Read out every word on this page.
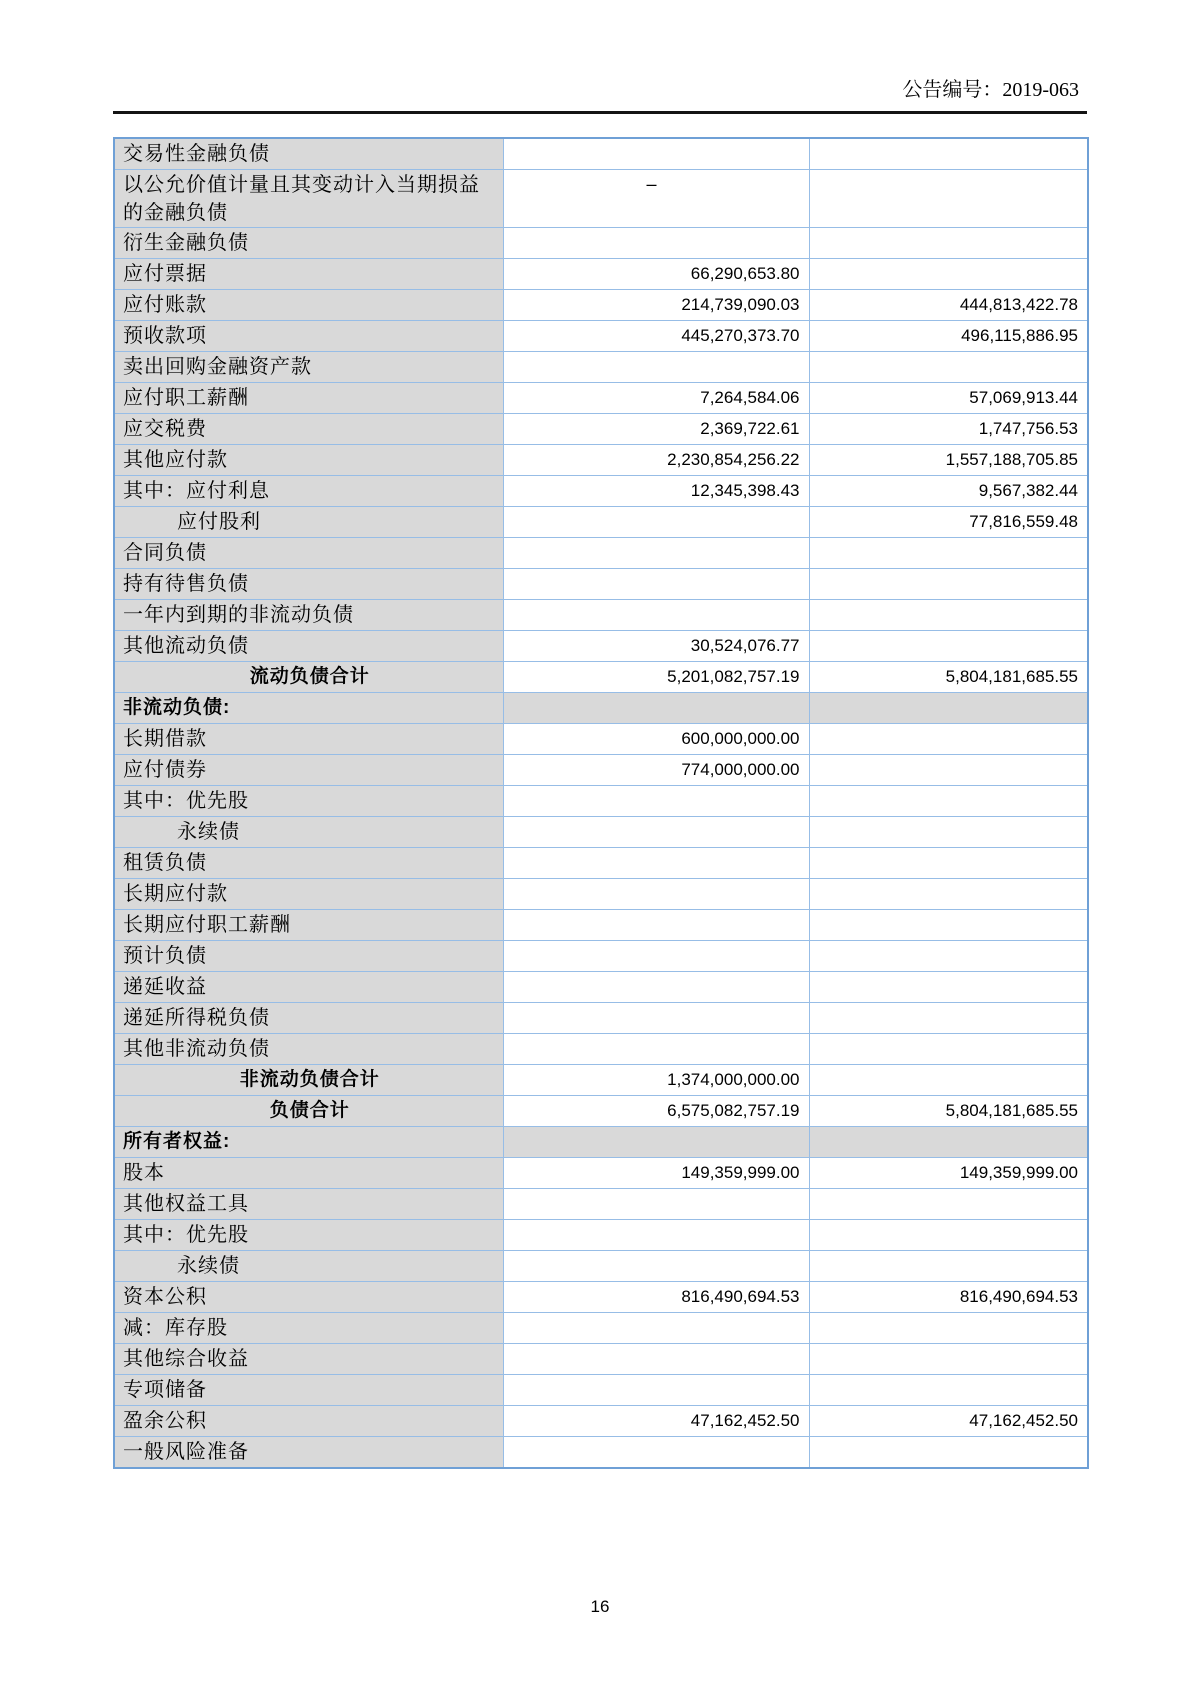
公告编号：2019-063
交易性金融负债		
以公允价值计量且其变动计入当期损益的金融负债	–	
衍生金融负债		
应付票据	66,290,653.80	
应付账款	214,739,090.03	444,813,422.78
预收款项	445,270,373.70	496,115,886.95
卖出回购金融资产款		
应付职工薪酬	7,264,584.06	57,069,913.44
应交税费	2,369,722.61	1,747,756.53
其他应付款	2,230,854,256.22	1,557,188,705.85
其中：应付利息	12,345,398.43	9,567,382.44
应付股利		77,816,559.48
合同负债		
持有待售负债		
一年内到期的非流动负债		
其他流动负债	30,524,076.77	
流动负债合计	5,201,082,757.19	5,804,181,685.55
非流动负债:		
长期借款	600,000,000.00	
应付债券	774,000,000.00	
其中：优先股		
永续债		
租赁负债		
长期应付款		
长期应付职工薪酬		
预计负债		
递延收益		
递延所得税负债		
其他非流动负债		
非流动负债合计	1,374,000,000.00	
负债合计	6,575,082,757.19	5,804,181,685.55
所有者权益:		
股本	149,359,999.00	149,359,999.00
其他权益工具		
其中：优先股		
永续债		
资本公积	816,490,694.53	816,490,694.53
减：库存股		
其他综合收益		
专项储备		
盈余公积	47,162,452.50	47,162,452.50
一般风险准备		
16
